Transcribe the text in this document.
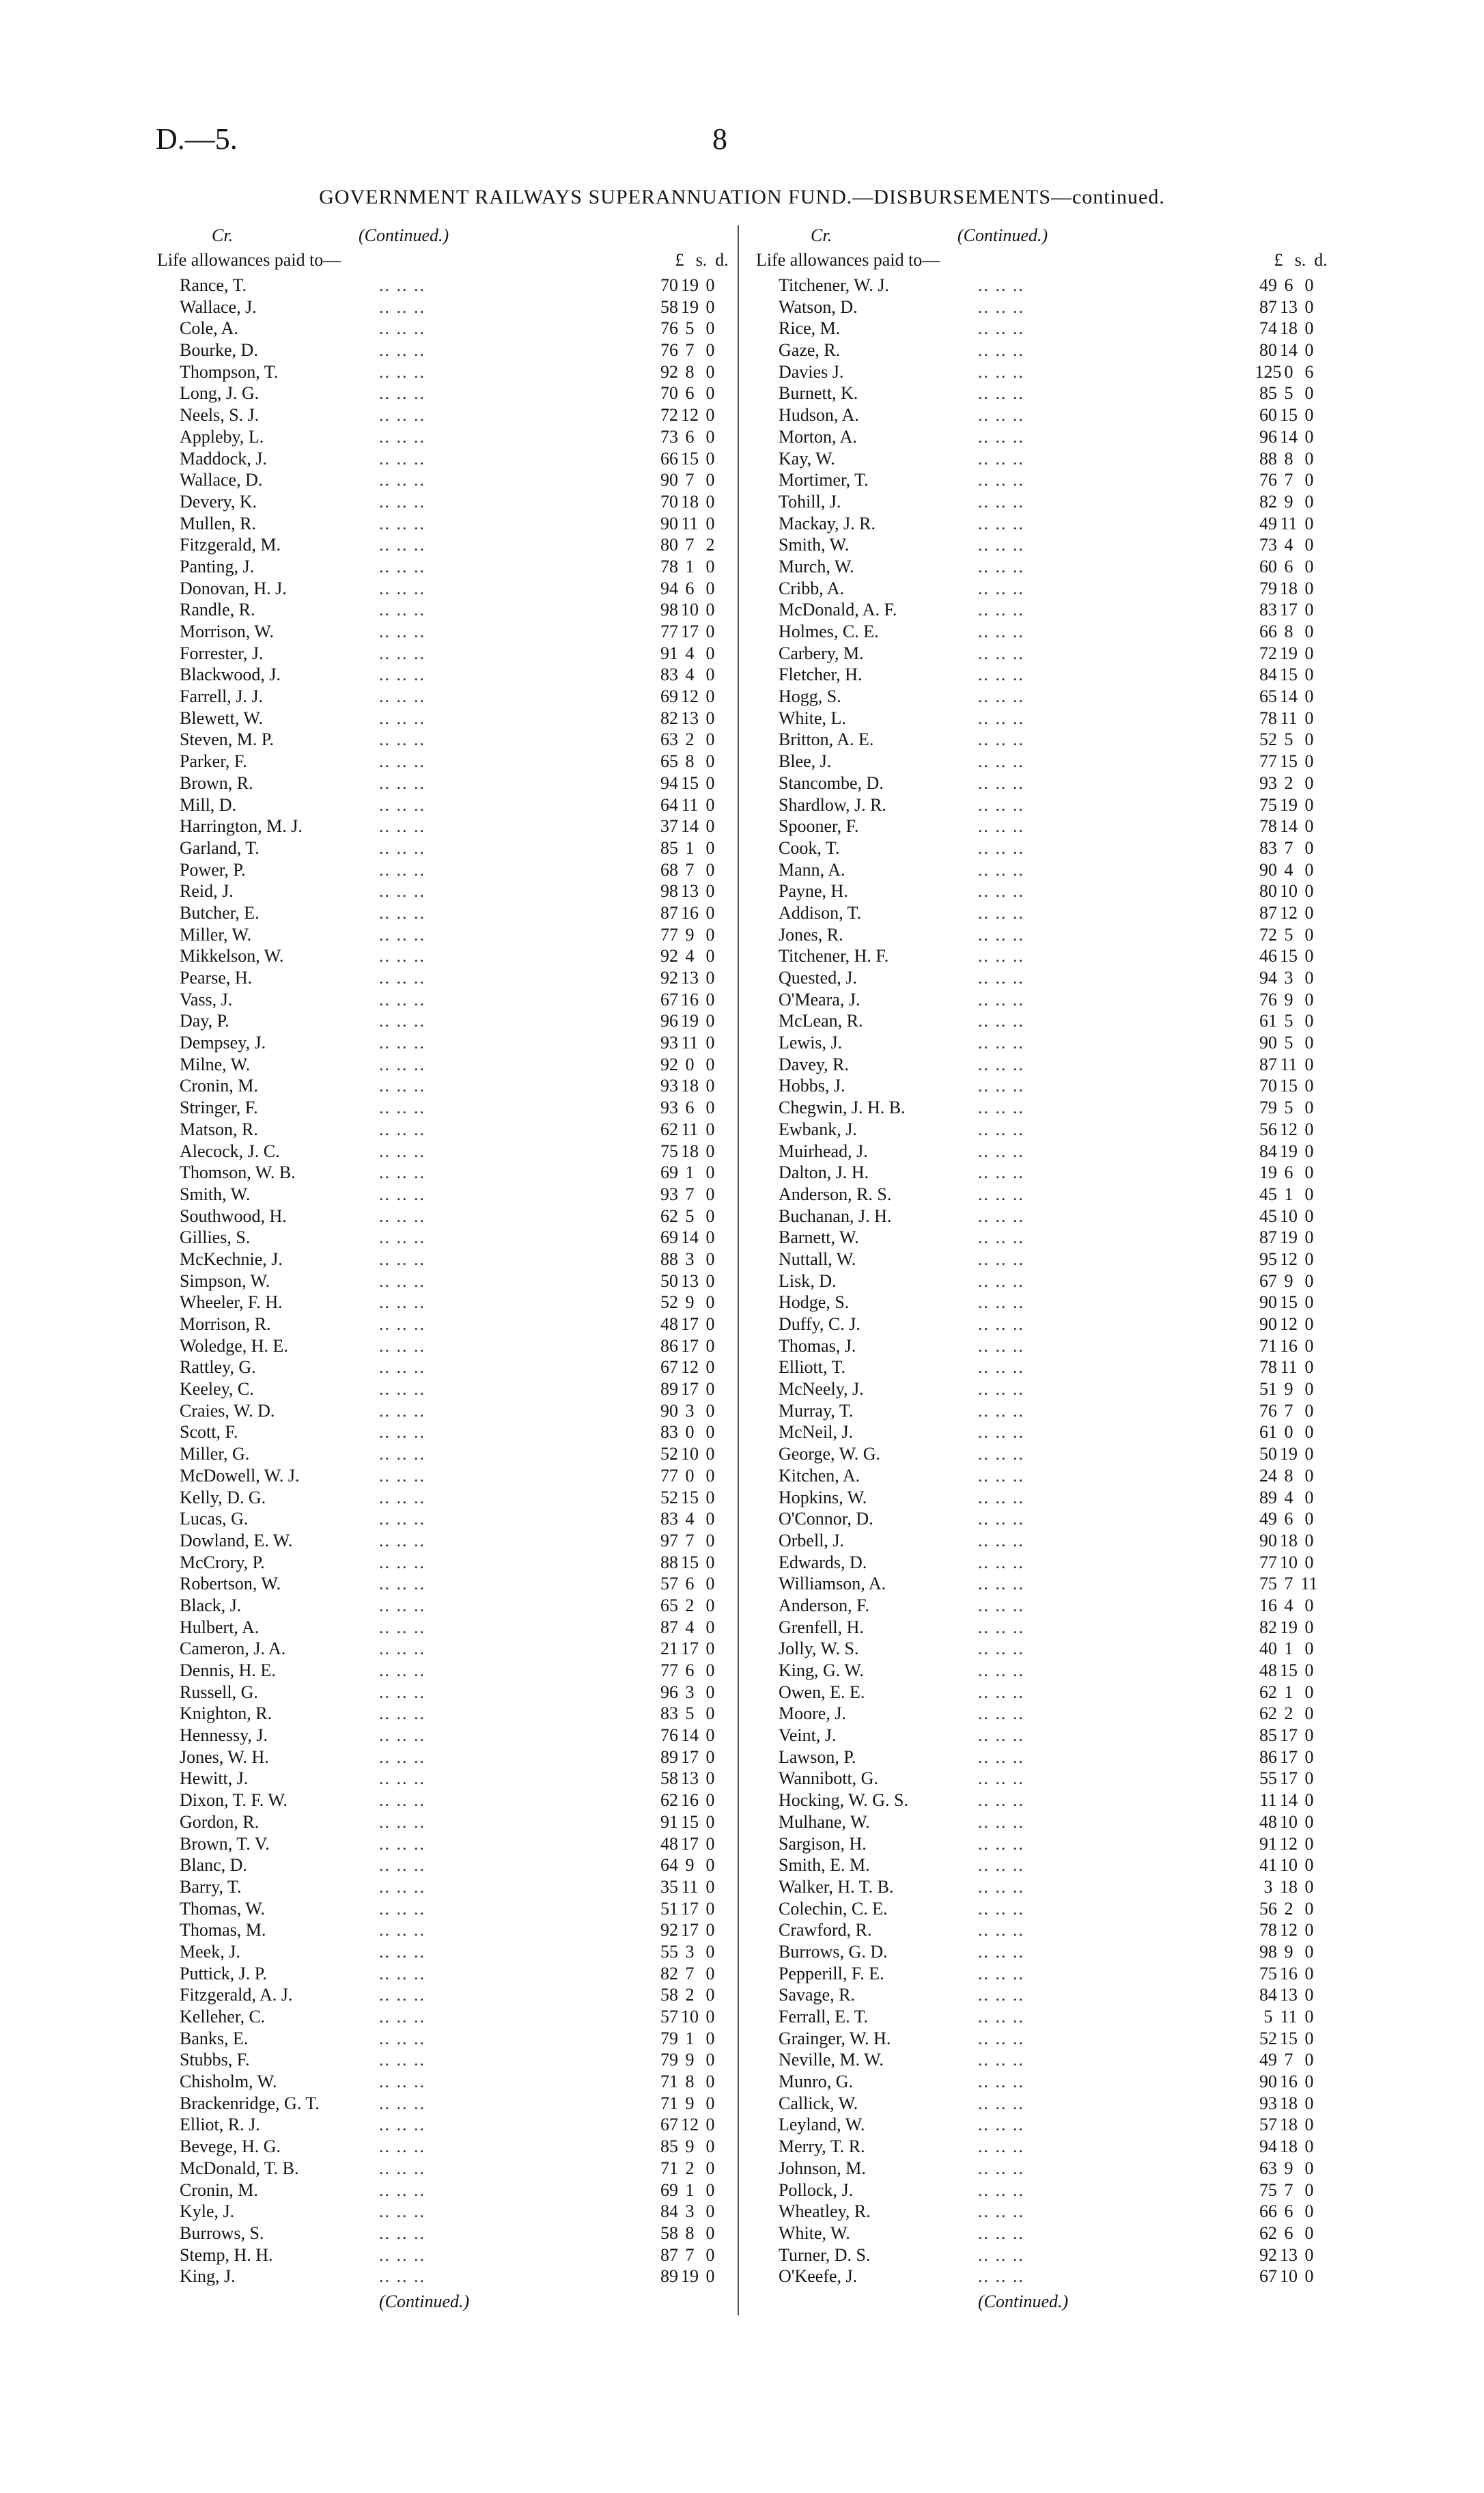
D.—5.	8
GOVERNMENT RAILWAYS SUPERANNUATION FUND.—DISBURSEMENTS—continued.
Cr.	(Continued.)
Life allowances paid to—	£ s. d.
Rance, T.	70 19 0
.. .. ..
Wallace, J.	58 19 0
.. .. ..
Cole, A.	76 5 0
.. .. ..
Bourke, D.	76 7 0
.. .. ..
Thompson, T.	92 8 0
.. .. ..
Long, J. G.	70 6 0
.. .. ..
Neels, S. J.	72 12 0
.. .. ..
Appleby, L.	73 6 0
.. .. ..
Maddock, J.	66 15 0
.. .. ..
Wallace, D.	90 7 0
.. .. ..
Devery, K.	70 18 0
.. .. ..
Mullen, R.	90 11 0
.. .. ..
Fitzgerald, M.	80 7 2
.. .. ..
Panting, J.	78 1 0
.. .. ..
Donovan, H. J.	94 6 0
.. .. ..
Randle, R.	98 10 0
.. .. ..
Morrison, W.	77 17 0
.. .. ..
Forrester, J.	91 4 0
.. .. ..
Blackwood, J.	83 4 0
.. .. ..
Farrell, J. J.	69 12 0
.. .. ..
Blewett, W.	82 13 0
.. .. ..
Steven, M. P.	63 2 0
.. .. ..
Parker, F.	65 8 0
.. .. ..
Brown, R.	94 15 0
.. .. ..
Mill, D.	64 11 0
.. .. ..
Harrington, M. J.	37 14 0
.. .. ..
Garland, T.	85 1 0
.. .. ..
Power, P.	68 7 0
.. .. ..
Reid, J.	98 13 0
.. .. ..
Butcher, E.	87 16 0
.. .. ..
Miller, W.	77 9 0
.. .. ..
Mikkelson, W.	92 4 0
.. .. ..
Pearse, H.	92 13 0
.. .. ..
Vass, J.	67 16 0
.. .. ..
Day, P.	96 19 0
.. .. ..
Dempsey, J.	93 11 0
.. .. ..
Milne, W.	92 0 0
.. .. ..
Cronin, M.	93 18 0
.. .. ..
Stringer, F.	93 6 0
.. .. ..
Matson, R.	62 11 0
.. .. ..
Alecock, J. C.	75 18 0
.. .. ..
Thomson, W. B.	69 1 0
.. .. ..
Smith, W.	93 7 0
.. .. ..
Southwood, H.	62 5 0
.. .. ..
Gillies, S.	69 14 0
.. .. ..
McKechnie, J.	88 3 0
.. .. ..
Simpson, W.	50 13 0
.. .. ..
Wheeler, F. H.	52 9 0
.. .. ..
Morrison, R.	48 17 0
.. .. ..
Woledge, H. E.	86 17 0
.. .. ..
Rattley, G.	67 12 0
.. .. ..
Keeley, C.	89 17 0
.. .. ..
Craies, W. D.	90 3 0
.. .. ..
Scott, F.	83 0 0
.. .. ..
Miller, G.	52 10 0
.. .. ..
McDowell, W. J.	77 0 0
.. .. ..
Kelly, D. G.	52 15 0
.. .. ..
Lucas, G.	83 4 0
.. .. ..
Dowland, E. W.	97 7 0
.. .. ..
McCrory, P.	88 15 0
.. .. ..
Robertson, W.	57 6 0
.. .. ..
Black, J.	65 2 0
.. .. ..
Hulbert, A.	87 4 0
.. .. ..
Cameron, J. A.	21 17 0
.. .. ..
Dennis, H. E.	77 6 0
.. .. ..
Russell, G.	96 3 0
.. .. ..
Knighton, R.	83 5 0
.. .. ..
Hennessy, J.	76 14 0
.. .. ..
Jones, W. H.	89 17 0
.. .. ..
Hewitt, J.	58 13 0
.. .. ..
Dixon, T. F. W.	62 16 0
.. .. ..
Gordon, R.	91 15 0
.. .. ..
Brown, T. V.	48 17 0
.. .. ..
Blanc, D.	64 9 0
.. .. ..
Barry, T.	35 11 0
.. .. ..
Thomas, W.	51 17 0
.. .. ..
Thomas, M.	92 17 0
.. .. ..
Meek, J.	55 3 0
.. .. ..
Puttick, J. P.	82 7 0
.. .. ..
Fitzgerald, A. J.	58 2 0
.. .. ..
Kelleher, C.	57 10 0
.. .. ..
Banks, E.	79 1 0
.. .. ..
Stubbs, F.	79 9 0
.. .. ..
Chisholm, W.	71 8 0
.. .. ..
Brackenridge, G. T.	71 9 0
.. .. ..
Elliot, R. J.	67 12 0
.. .. ..
Bevege, H. G.	85 9 0
.. .. ..
McDonald, T. B.	71 2 0
.. .. ..
Cronin, M.	69 1 0
.. .. ..
Kyle, J.	84 3 0
.. .. ..
Burrows, S.	58 8 0
.. .. ..
Stemp, H. H.	87 7 0
.. .. ..
King, J.	89 19 0
.. .. ..
(Continued.)
Cr.	(Continued.)
Life allowances paid to—	£ s. d.
Titchener, W. J.	49 6 0
.. .. ..
Watson, D.	87 13 0
.. .. ..
Rice, M.	74 18 0
.. .. ..
Gaze, R.	80 14 0
.. .. ..
Davies J.	125 0 6
.. .. ..
Burnett, K.	85 5 0
.. .. ..
Hudson, A.	60 15 0
.. .. ..
Morton, A.	96 14 0
.. .. ..
Kay, W.	88 8 0
.. .. ..
Mortimer, T.	76 7 0
.. .. ..
Tohill, J.	82 9 0
.. .. ..
Mackay, J. R.	49 11 0
.. .. ..
Smith, W.	73 4 0
.. .. ..
Murch, W.	60 6 0
.. .. ..
Cribb, A.	79 18 0
.. .. ..
McDonald, A. F.	83 17 0
.. .. ..
Holmes, C. E.	66 8 0
.. .. ..
Carbery, M.	72 19 0
.. .. ..
Fletcher, H.	84 15 0
.. .. ..
Hogg, S.	65 14 0
.. .. ..
White, L.	78 11 0
.. .. ..
Britton, A. E.	52 5 0
.. .. ..
Blee, J.	77 15 0
.. .. ..
Stancombe, D.	93 2 0
.. .. ..
Shardlow, J. R.	75 19 0
.. .. ..
Spooner, F.	78 14 0
.. .. ..
Cook, T.	83 7 0
.. .. ..
Mann, A.	90 4 0
.. .. ..
Payne, H.	80 10 0
.. .. ..
Addison, T.	87 12 0
.. .. ..
Jones, R.	72 5 0
.. .. ..
Titchener, H. F.	46 15 0
.. .. ..
Quested, J.	94 3 0
.. .. ..
O'Meara, J.	76 9 0
.. .. ..
McLean, R.	61 5 0
.. .. ..
Lewis, J.	90 5 0
.. .. ..
Davey, R.	87 11 0
.. .. ..
Hobbs, J.	70 15 0
.. .. ..
Chegwin, J. H. B.	79 5 0
.. .. ..
Ewbank, J.	56 12 0
.. .. ..
Muirhead, J.	84 19 0
.. .. ..
Dalton, J. H.	19 6 0
.. .. ..
Anderson, R. S.	45 1 0
.. .. ..
Buchanan, J. H.	45 10 0
.. .. ..
Barnett, W.	87 19 0
.. .. ..
Nuttall, W.	95 12 0
.. .. ..
Lisk, D.	67 9 0
.. .. ..
Hodge, S.	90 15 0
.. .. ..
Duffy, C. J.	90 12 0
.. .. ..
Thomas, J.	71 16 0
.. .. ..
Elliott, T.	78 11 0
.. .. ..
McNeely, J.	51 9 0
.. .. ..
Murray, T.	76 7 0
.. .. ..
McNeil, J.	61 0 0
.. .. ..
George, W. G.	50 19 0
.. .. ..
Kitchen, A.	24 8 0
.. .. ..
Hopkins, W.	89 4 0
.. .. ..
O'Connor, D.	49 6 0
.. .. ..
Orbell, J.	90 18 0
.. .. ..
Edwards, D.	77 10 0
.. .. ..
Williamson, A.	75 7 11
.. .. ..
Anderson, F.	16 4 0
.. .. ..
Grenfell, H.	82 19 0
.. .. ..
Jolly, W. S.	40 1 0
.. .. ..
King, G. W.	48 15 0
.. .. ..
Owen, E. E.	62 1 0
.. .. ..
Moore, J.	62 2 0
.. .. ..
Veint, J.	85 17 0
.. .. ..
Lawson, P.	86 17 0
.. .. ..
Wannibott, G.	55 17 0
.. .. ..
Hocking, W. G. S.	11 14 0
.. .. ..
Mulhane, W.	48 10 0
.. .. ..
Sargison, H.	91 12 0
.. .. ..
Smith, E. M.	41 10 0
.. .. ..
Walker, H. T. B.	3 18 0
.. .. ..
Colechin, C. E.	56 2 0
.. .. ..
Crawford, R.	78 12 0
.. .. ..
Burrows, G. D.	98 9 0
.. .. ..
Pepperill, F. E.	75 16 0
.. .. ..
Savage, R.	84 13 0
.. .. ..
Ferrall, E. T.	5 11 0
.. .. ..
Grainger, W. H.	52 15 0
.. .. ..
Neville, M. W.	49 7 0
.. .. ..
Munro, G.	90 16 0
.. .. ..
Callick, W.	93 18 0
.. .. ..
Leyland, W.	57 18 0
.. .. ..
Merry, T. R.	94 18 0
.. .. ..
Johnson, M.	63 9 0
.. .. ..
Pollock, J.	75 7 0
.. .. ..
Wheatley, R.	66 6 0
.. .. ..
White, W.	62 6 0
.. .. ..
Turner, D. S.	92 13 0
.. .. ..
O'Keefe, J.	67 10 0
.. .. ..
(Continued.)
